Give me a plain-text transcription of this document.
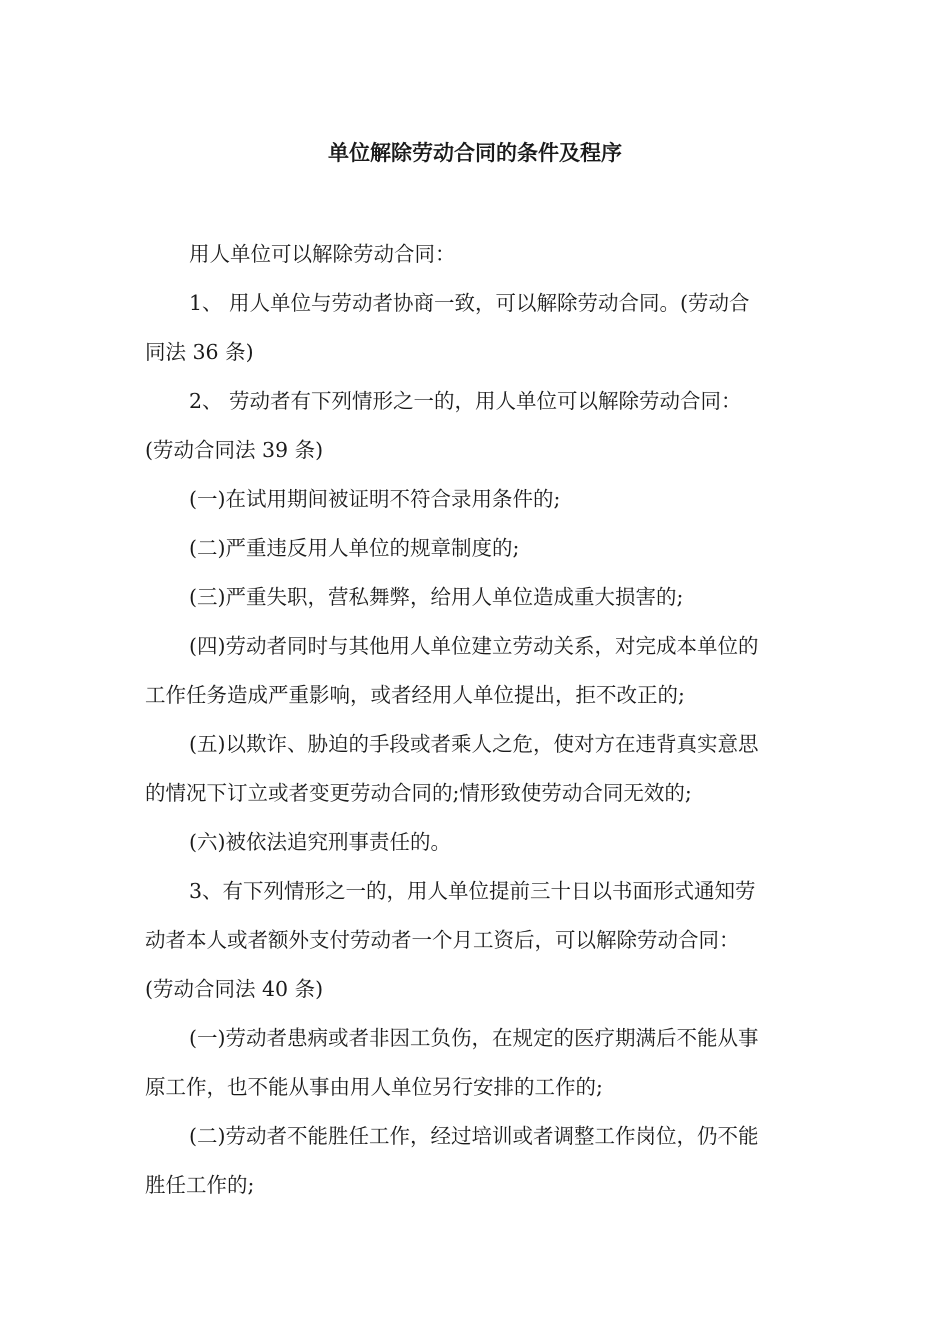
单位解除劳动合同的条件及程序
用人单位可以解除劳动合同：
1、 用人单位与劳动者协商一致，可以解除劳动合同。(劳动合
同法 36 条)
2、 劳动者有下列情形之一的，用人单位可以解除劳动合同：
(劳动合同法 39 条)
(一)在试用期间被证明不符合录用条件的;
(二)严重违反用人单位的规章制度的;
(三)严重失职，营私舞弊，给用人单位造成重大损害的;
(四)劳动者同时与其他用人单位建立劳动关系，对完成本单位的
工作任务造成严重影响，或者经用人单位提出，拒不改正的;
(五)以欺诈、胁迫的手段或者乘人之危，使对方在违背真实意思
的情况下订立或者变更劳动合同的;情形致使劳动合同无效的;
(六)被依法追究刑事责任的。
3、有下列情形之一的，用人单位提前三十日以书面形式通知劳
动者本人或者额外支付劳动者一个月工资后，可以解除劳动合同：
(劳动合同法 40 条)
(一)劳动者患病或者非因工负伤，在规定的医疗期满后不能从事
原工作，也不能从事由用人单位另行安排的工作的;
(二)劳动者不能胜任工作，经过培训或者调整工作岗位，仍不能
胜任工作的;
